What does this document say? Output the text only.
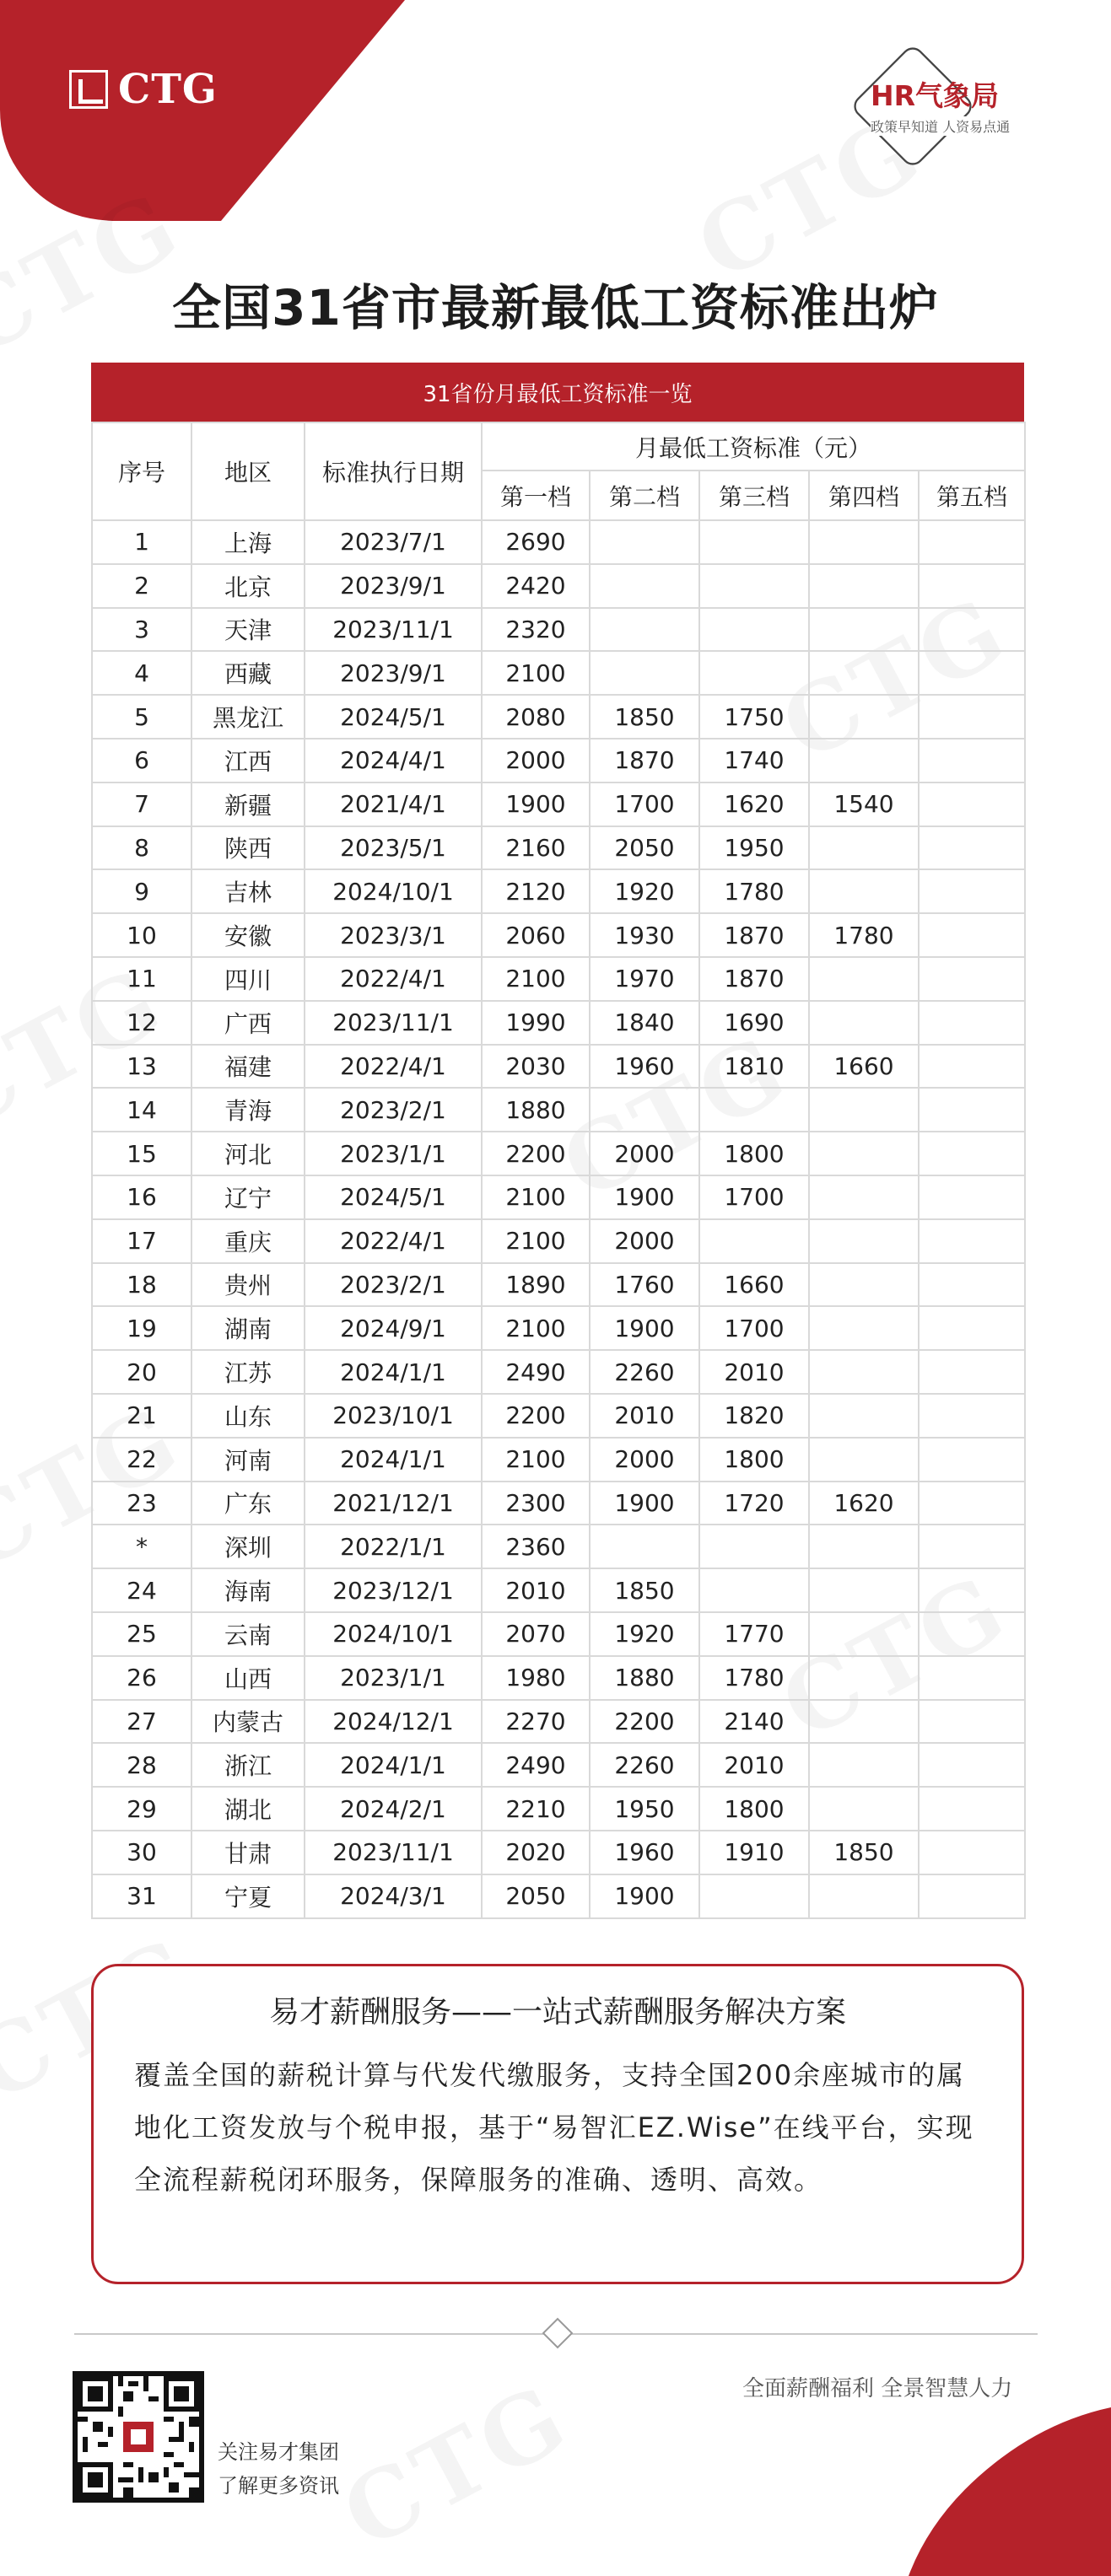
CTG	HR气象局
政策早知道 人资易点通
全国31省市最新最低工资标准出炉
31省份月最低工资标准一览
序号	地区	标准执行日期	月最低工资标准（元）				
			第一档	第二档	第三档	第四档	第五档
1	上海	2023/7/1	2690				
2	北京	2023/9/1	2420				
3	天津	2023/11/1	2320				
4	西藏	2023/9/1	2100				
5	黑龙江	2024/5/1	2080	1850	1750		
6	江西	2024/4/1	2000	1870	1740		
7	新疆	2021/4/1	1900	1700	1620	1540	
8	陕西	2023/5/1	2160	2050	1950		
9	吉林	2024/10/1	2120	1920	1780		
10	安徽	2023/3/1	2060	1930	1870	1780	
11	四川	2022/4/1	2100	1970	1870		
12	广西	2023/11/1	1990	1840	1690		
13	福建	2022/4/1	2030	1960	1810	1660	
14	青海	2023/2/1	1880				
15	河北	2023/1/1	2200	2000	1800		
16	辽宁	2024/5/1	2100	1900	1700		
17	重庆	2022/4/1	2100	2000			
18	贵州	2023/2/1	1890	1760	1660		
19	湖南	2024/9/1	2100	1900	1700		
20	江苏	2024/1/1	2490	2260	2010		
21	山东	2023/10/1	2200	2010	1820		
22	河南	2024/1/1	2100	2000	1800		
23	广东	2021/12/1	2300	1900	1720	1620	
*	深圳	2022/1/1	2360				
24	海南	2023/12/1	2010	1850			
25	云南	2024/10/1	2070	1920	1770		
26	山西	2023/1/1	1980	1880	1780		
27	内蒙古	2024/12/1	2270	2200	2140		
28	浙江	2024/1/1	2490	2260	2010		
29	湖北	2024/2/1	2210	1950	1800		
30	甘肃	2023/11/1	2020	1960	1910	1850	
31	宁夏	2024/3/1	2050	1900			
易才薪酬服务——一站式薪酬服务解决方案
覆盖全国的薪税计算与代发代缴服务，支持全国200余座城市的属地化工资发放与个税申报，基于“易智汇EZ.Wise”在线平台，实现全流程薪税闭环服务，保障服务的准确、透明、高效。
全面薪酬福利 全景智慧人力
关注易才集团
了解更多资讯
